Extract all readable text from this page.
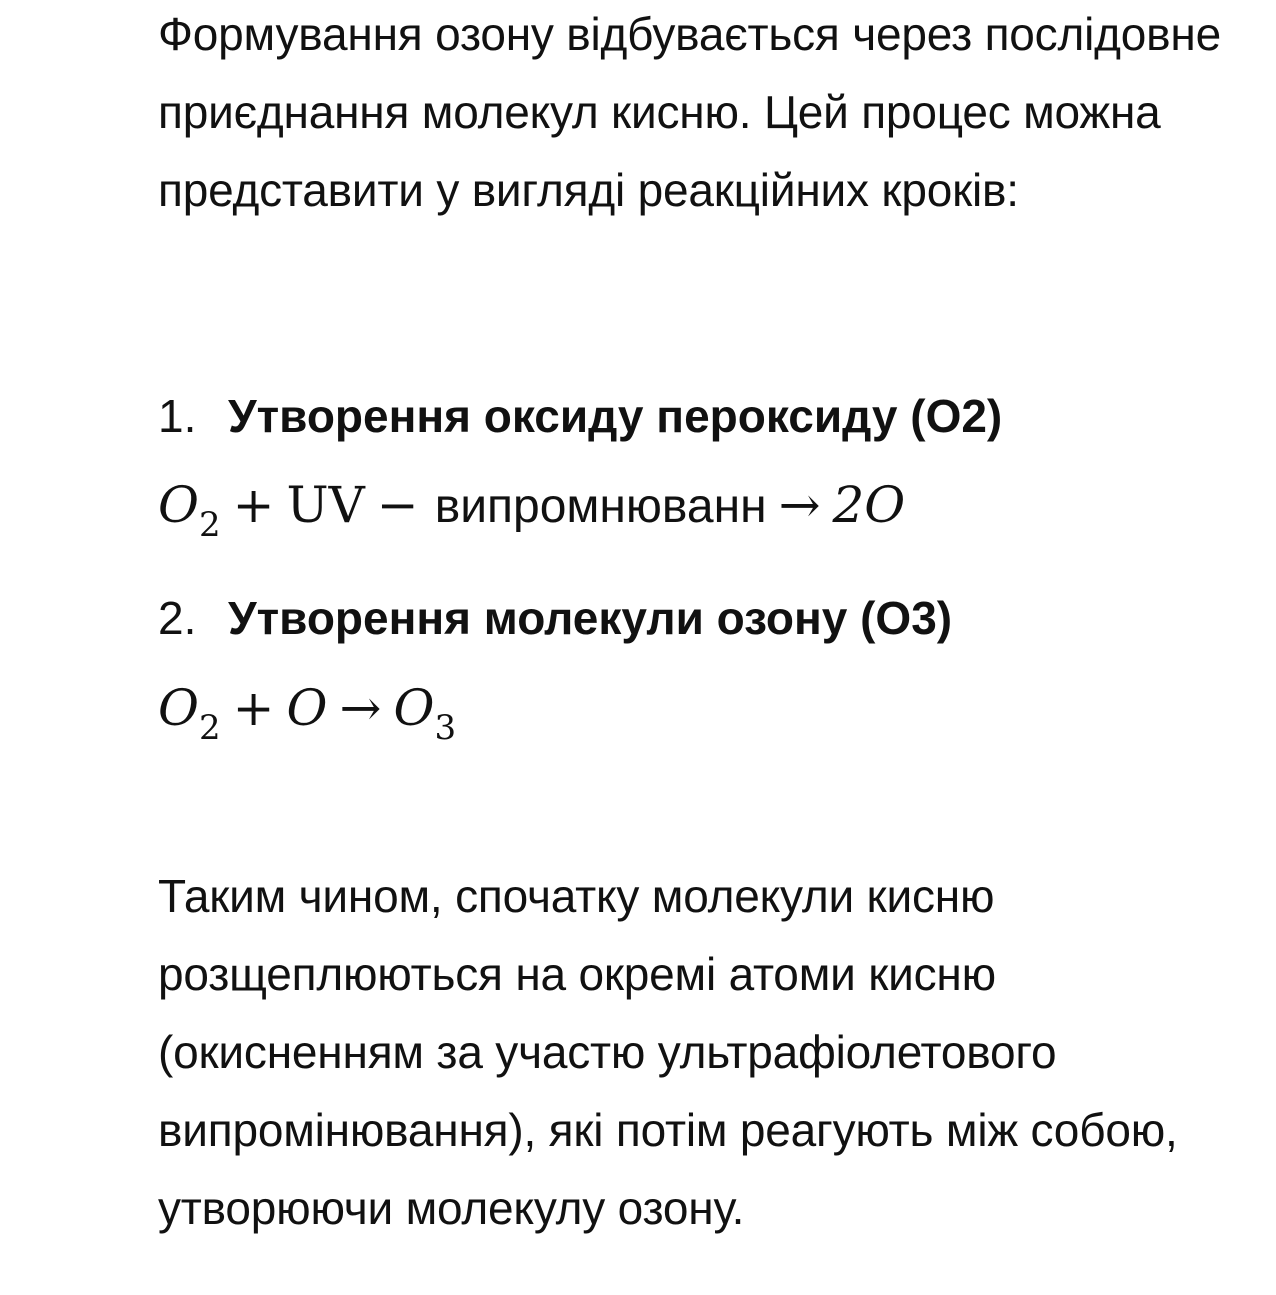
Формування озону відбувається через послідовне приєднання молекул кисню. Цей процес можна представити у вигляді реакційних кроків:

1. Утворення оксиду пероксиду (O2)
$O_2$ + UV − випромнюванн → 2O
2. Утворення молекули озону (O3)
$O_2 + O \to O_3$

Таким чином, спочатку молекули кисню розщеплюються на окремі атоми кисню (окисненням за участю ультрафіолетового випромінювання), які потім реагують між собою, утворюючи молекулу озону.
